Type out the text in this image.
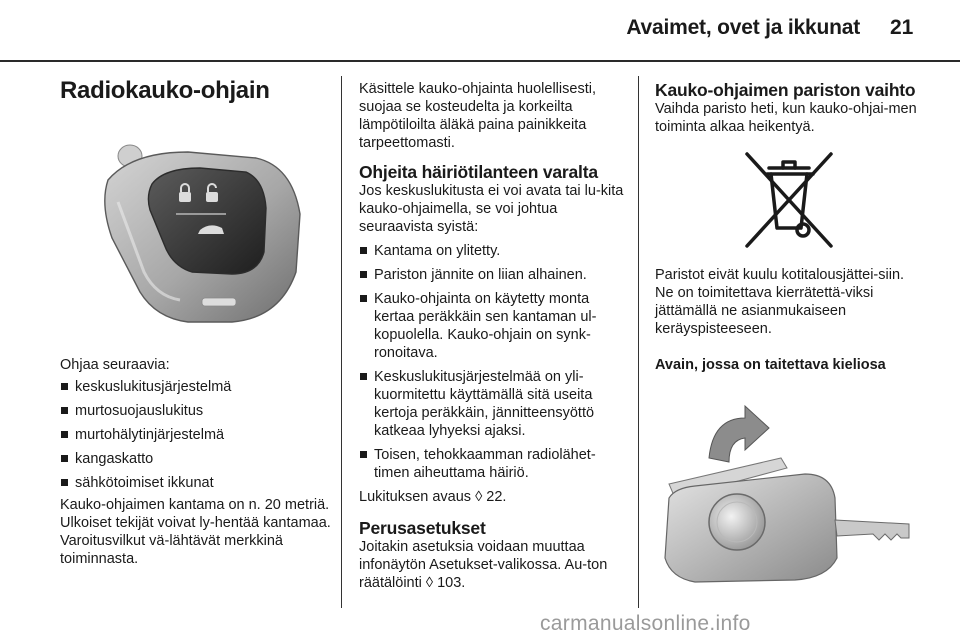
Avaimet, ovet ja ikkunat 21
Radiokauko-ohjain

Ohjaa seuraavia:

keskuslukitusjärjestelmä
murtosuojauslukitus
murtohälytinjärjestelmä
kangaskatto
sähkötoimiset ikkunat

Kauko-ohjaimen kantama on n. 20 metriä. Ulkoiset tekijät voivat ly-hentää kantamaa. Varoitusvilkut vä-lähtävät merkkinä toiminnasta.

Käsittele kauko-ohjainta huolellisesti, suojaa se kosteudelta ja korkeilta lämpötiloilta äläkä paina painikkeita tarpeettomasti.

Ohjeita häiriötilanteen varalta

Jos keskuslukitusta ei voi avata tai lu-kita kauko-ohjaimella, se voi johtua seuraavista syistä:

Kantama on ylitetty.
Pariston jännite on liian alhainen.
Kauko-ohjainta on käytetty monta kertaa peräkkäin sen kantaman ul-kopuolella. Kauko-ohjain on synk-ronoitava.
Keskuslukitusjärjestelmää on yli-kuormitettu käyttämällä sitä useita kertoja peräkkäin, jännitteensyöttö katkeaa lyhyeksi ajaksi.
Toisen, tehokkaamman radiolähet-timen aiheuttama häiriö.

Lukituksen avaus ◊ 22.

Perusasetukset

Joitakin asetuksia voidaan muuttaa infonäytön Asetukset-valikossa. Au-ton räätälöinti ◊ 103.

Kauko-ohjaimen pariston vaihto

Vaihda paristo heti, kun kauko-ohjai-men toiminta alkaa heikentyä.

Paristot eivät kuulu kotitalousjättei-siin. Ne on toimitettava kierrätettä-viksi jättämällä ne asianmukaiseen keräyspisteeseen.

Avain, jossa on taitettava kieliosa
carmanualsonline.info
